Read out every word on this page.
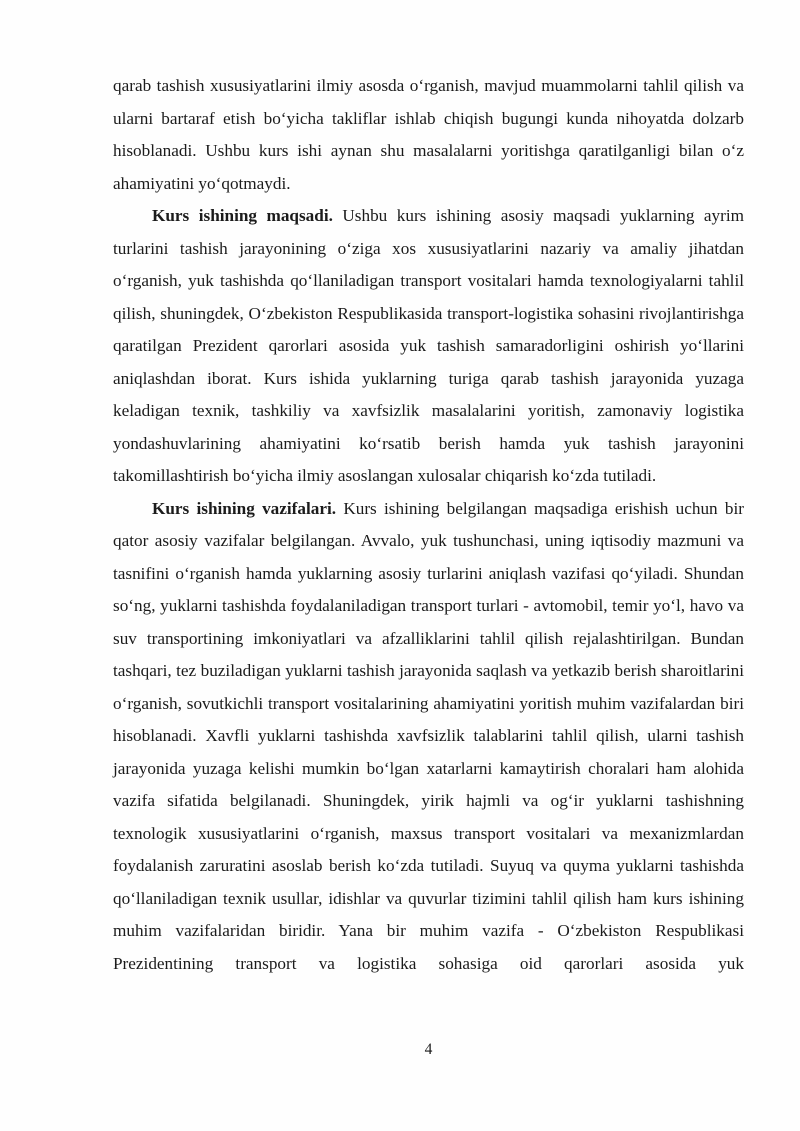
qarab tashish xususiyatlarini ilmiy asosda oʻrganish, mavjud muammolarni tahlil qilish va ularni bartaraf etish boʻyicha takliflar ishlab chiqish bugungi kunda nihoyatda dolzarb hisoblanadi. Ushbu kurs ishi aynan shu masalalarni yoritishga qaratilganligi bilan oʻz ahamiyatini yoʻqotmaydi.

Kurs ishining maqsadi. Ushbu kurs ishining asosiy maqsadi yuklarning ayrim turlarini tashish jarayonining oʻziga xos xususiyatlarini nazariy va amaliy jihatdan oʻrganish, yuk tashishda qoʻllaniladigan transport vositalari hamda texnologiyalarni tahlil qilish, shuningdek, Oʻzbekiston Respublikasida transport-logistika sohasini rivojlantirishga qaratilgan Prezident qarorlari asosida yuk tashish samaradorligini oshirish yoʻllarini aniqlashdan iborat. Kurs ishida yuklarning turiga qarab tashish jarayonida yuzaga keladigan texnik, tashkiliy va xavfsizlik masalalarini yoritish, zamonaviy logistika yondashuvlarining ahamiyatini koʻrsatib berish hamda yuk tashish jarayonini takomillashtirish boʻyicha ilmiy asoslangan xulosalar chiqarish koʻzda tutiladi.

Kurs ishining vazifalari. Kurs ishining belgilangan maqsadiga erishish uchun bir qator asosiy vazifalar belgilangan. Avvalo, yuk tushunchasi, uning iqtisodiy mazmuni va tasnifini oʻrganish hamda yuklarning asosiy turlarini aniqlash vazifasi qoʻyiladi. Shundan soʻng, yuklarni tashishda foydalaniladigan transport turlari - avtomobil, temir yoʻl, havo va suv transportining imkoniyatlari va afzalliklarini tahlil qilish rejalashtirilgan. Bundan tashqari, tez buziladigan yuklarni tashish jarayonida saqlash va yetkazib berish sharoitlarini oʻrganish, sovutkichli transport vositalarining ahamiyatini yoritish muhim vazifalardan biri hisoblanadi. Xavfli yuklarni tashishda xavfsizlik talablarini tahlil qilish, ularni tashish jarayonida yuzaga kelishi mumkin boʻlgan xatarlarni kamaytirish choralari ham alohida vazifa sifatida belgilanadi. Shuningdek, yirik hajmli va ogʻir yuklarni tashishning texnologik xususiyatlarini oʻrganish, maxsus transport vositalari va mexanizmlardan foydalanish zaruratini asoslab berish koʻzda tutiladi. Suyuq va quyma yuklarni tashishda qoʻllaniladigan texnik usullar, idishlar va quvurlar tizimini tahlil qilish ham kurs ishining muhim vazifalaridan biridir. Yana bir muhim vazifa - Oʻzbekiston Respublikasi Prezidentining transport va logistika sohasiga oid qarorlari asosida yuk

4
